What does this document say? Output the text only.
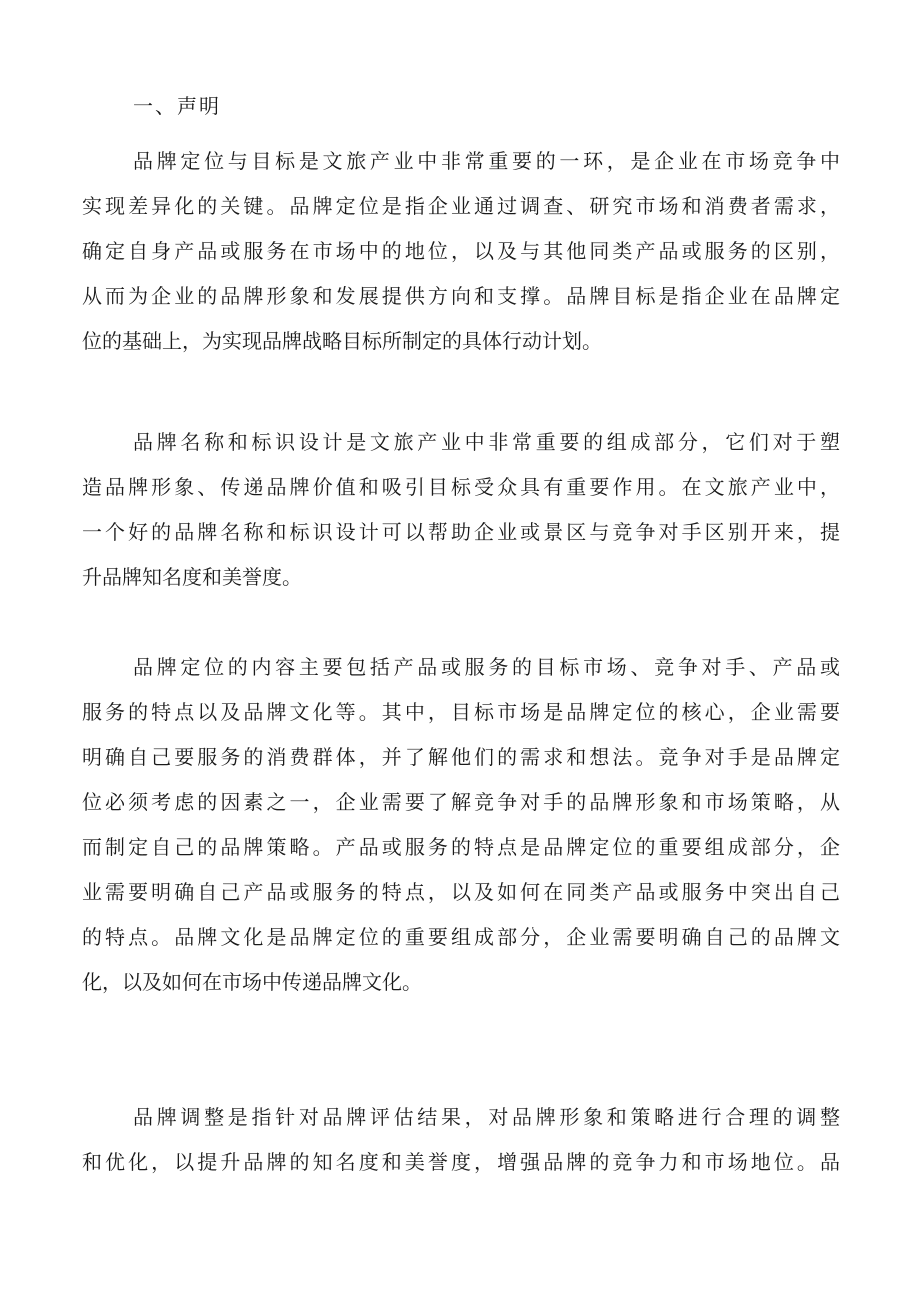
一、声明
品牌定位与目标是文旅产业中非常重要的一环，是企业在市场竞争中
实现差异化的关键。品牌定位是指企业通过调查、研究市场和消费者需求，
确定自身产品或服务在市场中的地位，以及与其他同类产品或服务的区别，
从而为企业的品牌形象和发展提供方向和支撑。品牌目标是指企业在品牌定
位的基础上，为实现品牌战略目标所制定的具体行动计划。
品牌名称和标识设计是文旅产业中非常重要的组成部分，它们对于塑
造品牌形象、传递品牌价值和吸引目标受众具有重要作用。在文旅产业中，
一个好的品牌名称和标识设计可以帮助企业或景区与竞争对手区别开来，提
升品牌知名度和美誉度。
品牌定位的内容主要包括产品或服务的目标市场、竞争对手、产品或
服务的特点以及品牌文化等。其中，目标市场是品牌定位的核心，企业需要
明确自己要服务的消费群体，并了解他们的需求和想法。竞争对手是品牌定
位必须考虑的因素之一，企业需要了解竞争对手的品牌形象和市场策略，从
而制定自己的品牌策略。产品或服务的特点是品牌定位的重要组成部分，企
业需要明确自己产品或服务的特点，以及如何在同类产品或服务中突出自己
的特点。品牌文化是品牌定位的重要组成部分，企业需要明确自己的品牌文
化，以及如何在市场中传递品牌文化。
品牌调整是指针对品牌评估结果，对品牌形象和策略进行合理的调整
和优化，以提升品牌的知名度和美誉度，增强品牌的竞争力和市场地位。品
